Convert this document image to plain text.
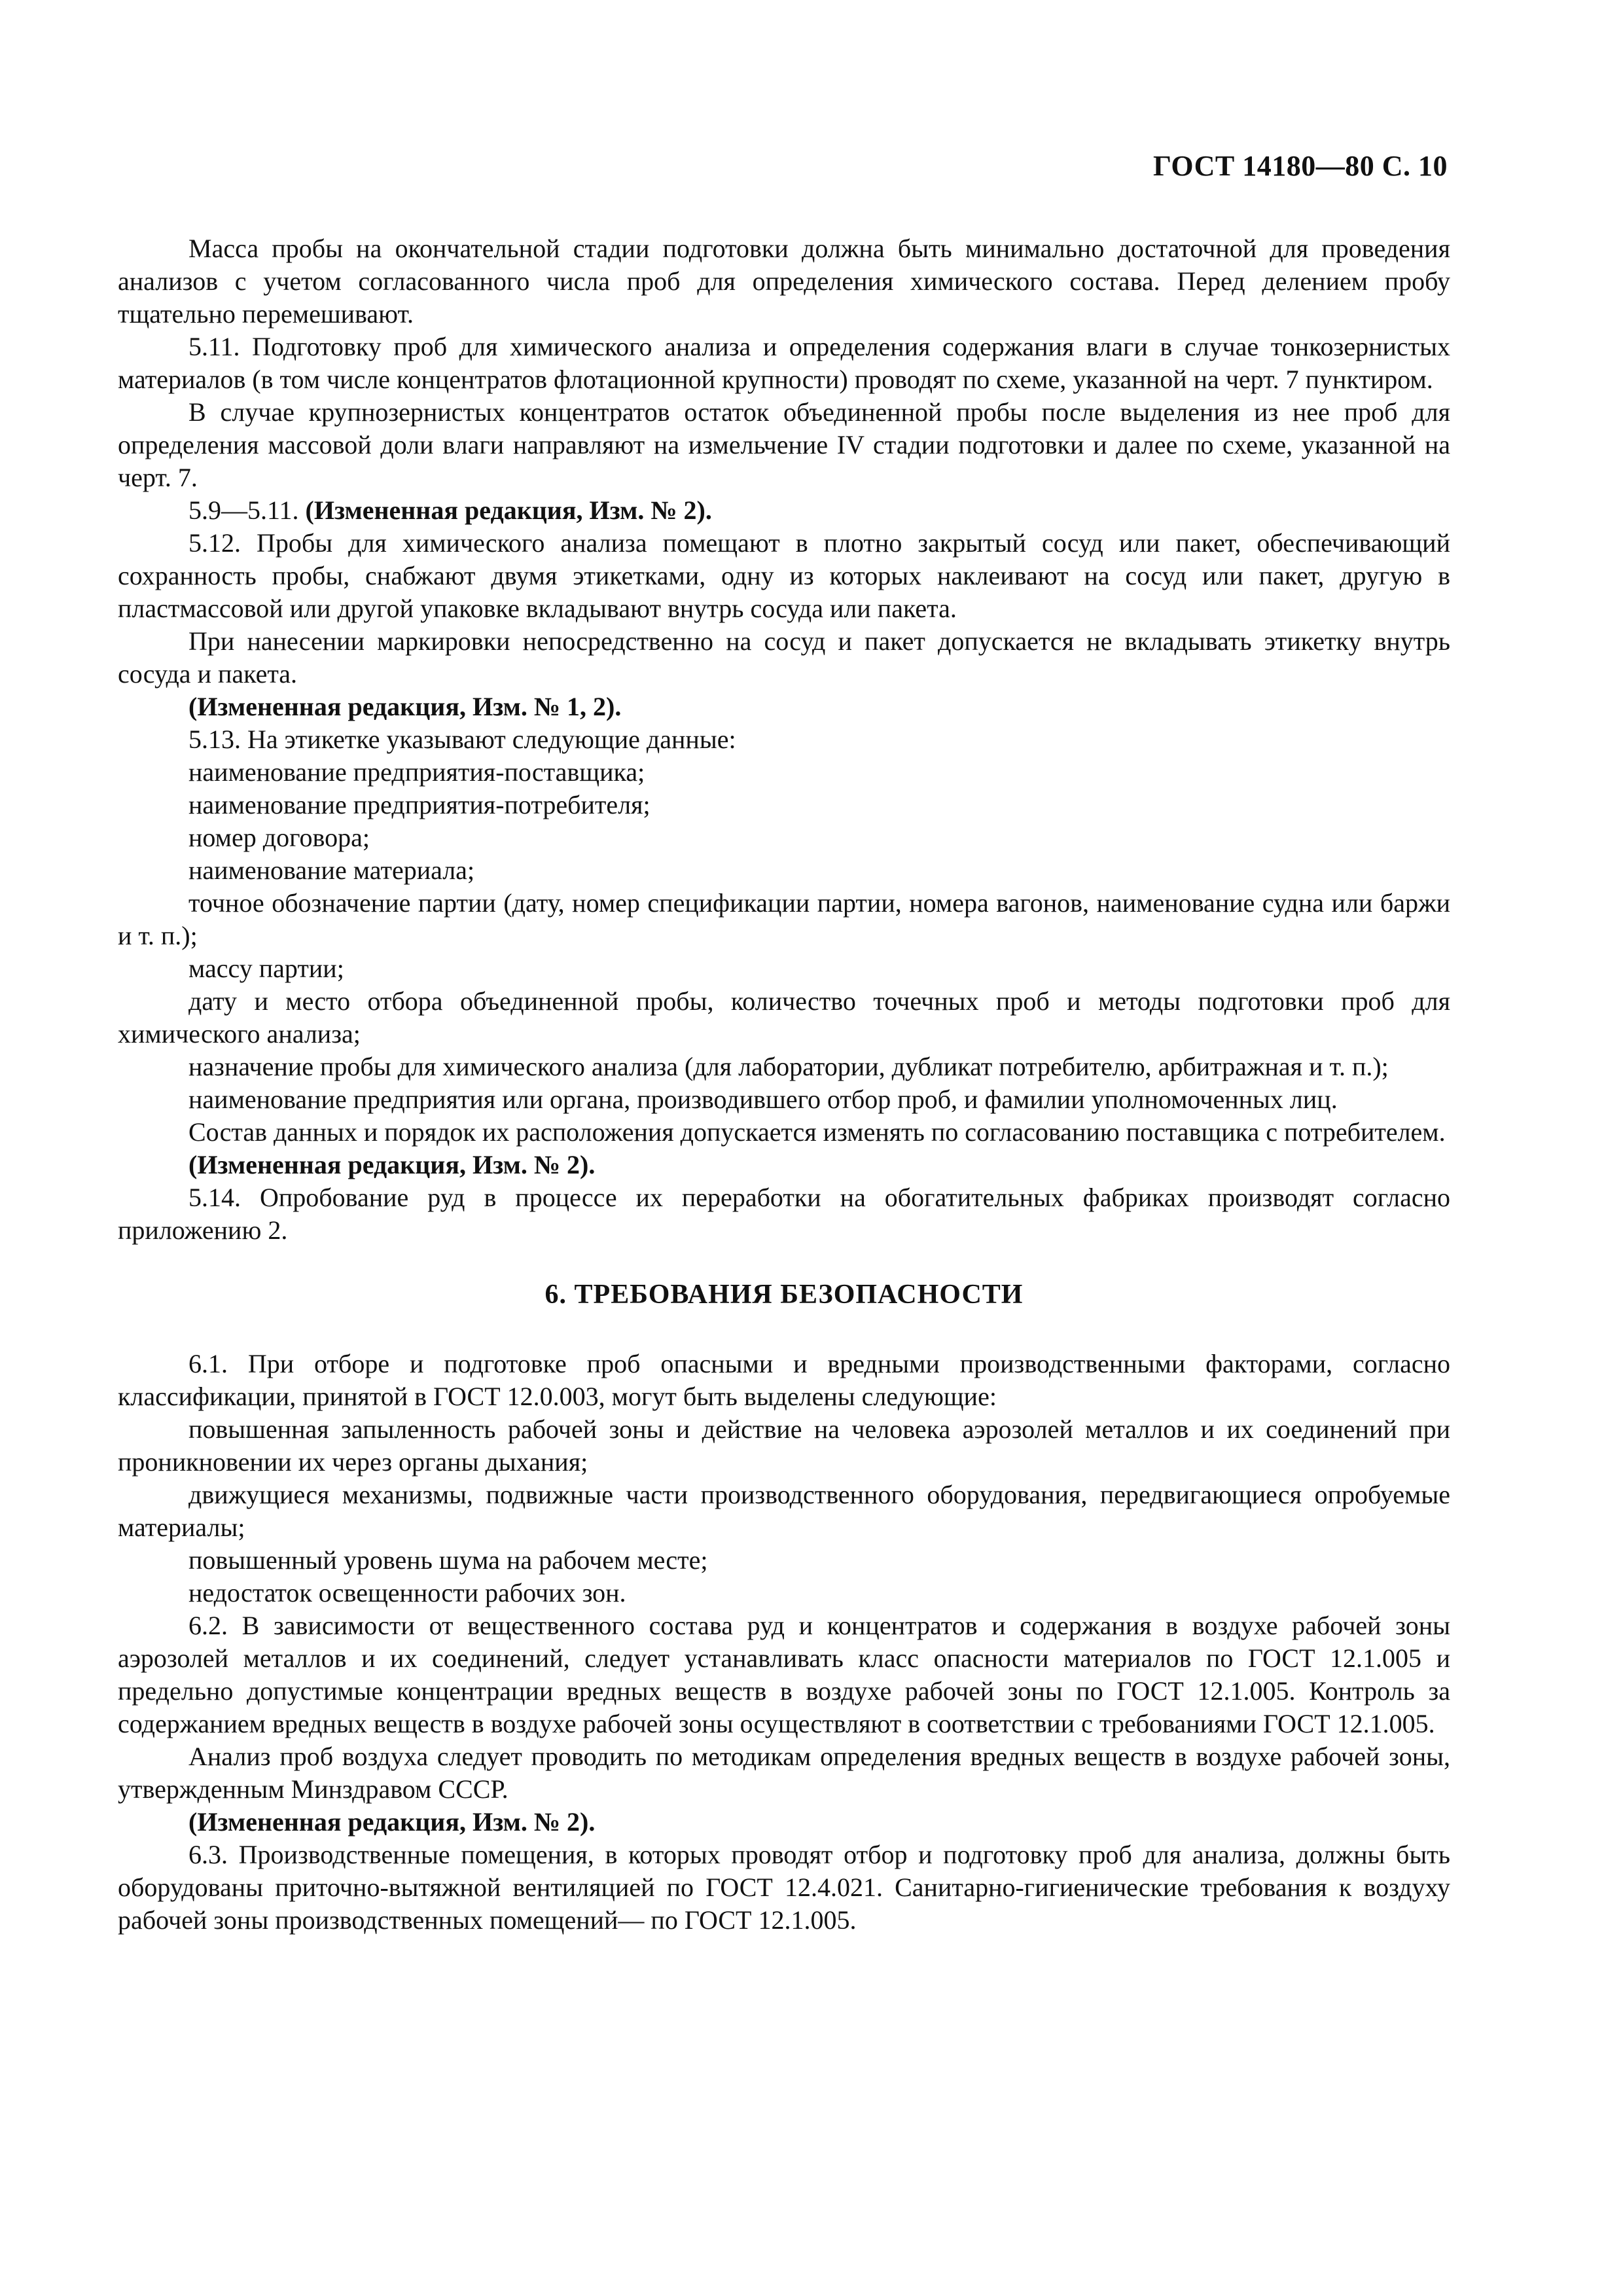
ГОСТ 14180—80 С. 10

Масса пробы на окончательной стадии подготовки должна быть минимально достаточной для проведения анализов с учетом согласованного числа проб для определения химического состава. Перед делением пробу тщательно перемешивают.

5.11. Подготовку проб для химического анализа и определения содержания влаги в случае тонкозернистых материалов (в том числе концентратов флотационной крупности) проводят по схеме, указанной на черт. 7 пунктиром.

В случае крупнозернистых концентратов остаток объединенной пробы после выделения из нее проб для определения массовой доли влаги направляют на измельчение IV стадии подготовки и далее по схеме, указанной на черт. 7.

5.9—5.11. (Измененная редакция, Изм. № 2).

5.12. Пробы для химического анализа помещают в плотно закрытый сосуд или пакет, обеспечивающий сохранность пробы, снабжают двумя этикетками, одну из которых наклеивают на сосуд или пакет, другую в пластмассовой или другой упаковке вкладывают внутрь сосуда или пакета.

При нанесении маркировки непосредственно на сосуд и пакет допускается не вкладывать этикетку внутрь сосуда и пакета.

(Измененная редакция, Изм. № 1, 2).

5.13. На этикетке указывают следующие данные:

наименование предприятия-поставщика;

наименование предприятия-потребителя;

номер договора;

наименование материала;

точное обозначение партии (дату, номер спецификации партии, номера вагонов, наименование судна или баржи и т. п.);

массу партии;

дату и место отбора объединенной пробы, количество точечных проб и методы подготовки проб для химического анализа;

назначение пробы для химического анализа (для лаборатории, дубликат потребителю, арбитражная и т. п.);

наименование предприятия или органа, производившего отбор проб, и фамилии уполномоченных лиц.

Состав данных и порядок их расположения допускается изменять по согласованию поставщика с потребителем.

(Измененная редакция, Изм. № 2).

5.14. Опробование руд в процессе их переработки на обогатительных фабриках производят согласно приложению 2.

6. ТРЕБОВАНИЯ БЕЗОПАСНОСТИ

6.1. При отборе и подготовке проб опасными и вредными производственными факторами, согласно классификации, принятой в ГОСТ 12.0.003, могут быть выделены следующие:

повышенная запыленность рабочей зоны и действие на человека аэрозолей металлов и их соединений при проникновении их через органы дыхания;

движущиеся механизмы, подвижные части производственного оборудования, передвигающиеся опробуемые материалы;

повышенный уровень шума на рабочем месте;

недостаток освещенности рабочих зон.

6.2. В зависимости от вещественного состава руд и концентратов и содержания в воздухе рабочей зоны аэрозолей металлов и их соединений, следует устанавливать класс опасности материалов по ГОСТ 12.1.005 и предельно допустимые концентрации вредных веществ в воздухе рабочей зоны по ГОСТ 12.1.005. Контроль за содержанием вредных веществ в воздухе рабочей зоны осуществляют в соответствии с требованиями ГОСТ 12.1.005.

Анализ проб воздуха следует проводить по методикам определения вредных веществ в воздухе рабочей зоны, утвержденным Минздравом СССР.

(Измененная редакция, Изм. № 2).

6.3. Производственные помещения, в которых проводят отбор и подготовку проб для анализа, должны быть оборудованы приточно-вытяжной вентиляцией по ГОСТ 12.4.021. Санитарно-гигиенические требования к воздуху рабочей зоны производственных помещений— по ГОСТ 12.1.005.
